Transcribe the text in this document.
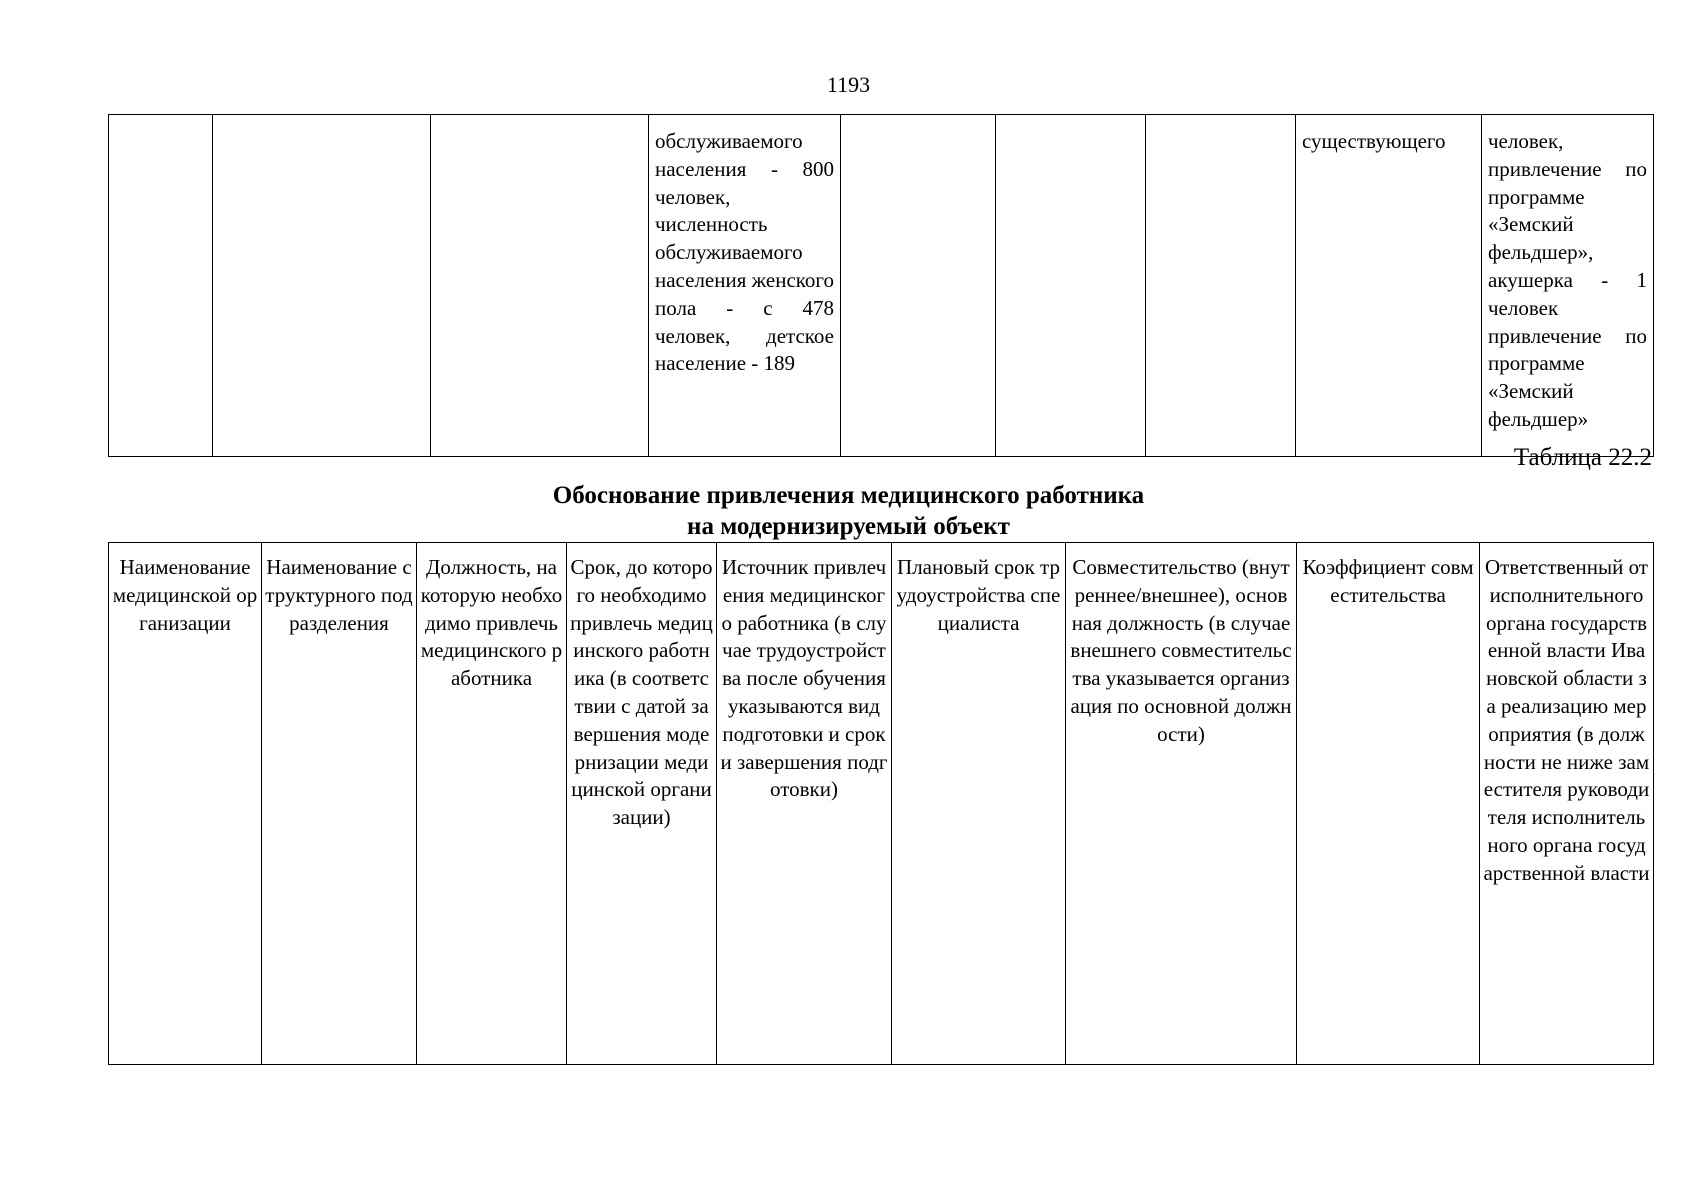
1193
			обслуживаемого населения - 800 человек, численность обслуживаемого населения женского пола - с 478 человек, детское население - 189				существующего	человек, привлечение по программе «Земский фельдшер», акушерка - 1 человек привлечение по программе «Земский фельдшер»
Таблица 22.2
Обоснование привлечения медицинского работника
на модернизируемый объект
Наименование медицинской организации	Наименование структурного подразделения	Должность, на которую необходимо привлечь медицинского работника	Срок, до которого необходимо привлечь медицинского работника (в соответствии с датой завершения модернизации медицинской организации)	Источник привлечения медицинского работника (в случае трудоустройства после обучения указываются вид подготовки и сроки завершения подготовки)	Плановый срок трудоустройства специалиста	Совместительство (внутреннее/внешнее), основная должность (в случае внешнего совместительства указывается организация по основной должности)	Коэффициент совместительства	Ответственный от исполнительного органа государственной власти Ивановской области за реализацию мероприятия (в должности не ниже заместителя руководителя исполнительного органа государственной власти
